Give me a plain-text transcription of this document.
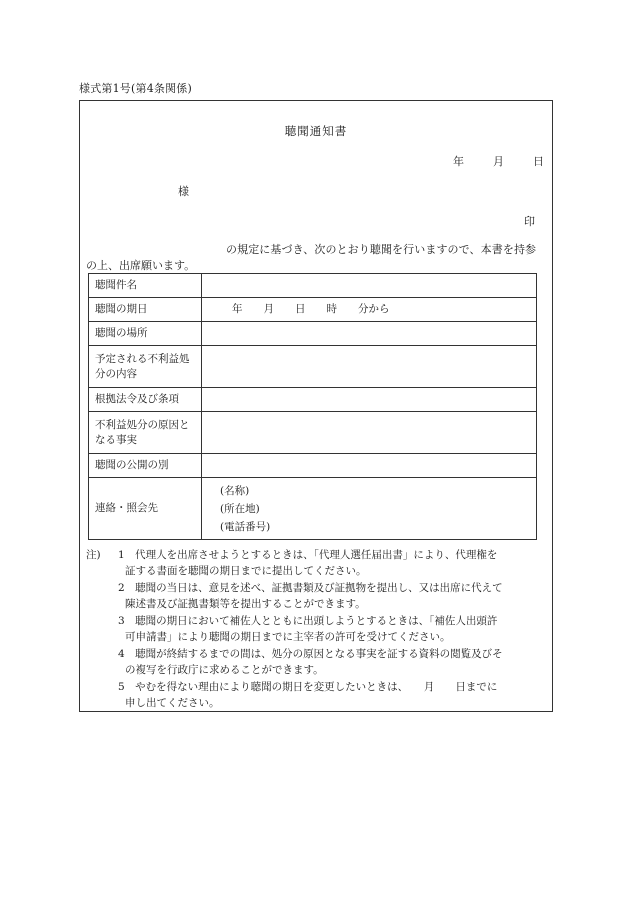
様式第1号(第4条関係)
聴聞通知書
年	月	日
様
印
の規定に基づき、次のとおり聴聞を行いますので、本書を持参
の上、出席願います。
聴聞件名	
聴聞の期日	年　　月　　日　　時　　分から
聴聞の場所	

予定される不利益処分の内容	

根拠法令及び条項	

不利益処分の原因となる事実	

聴聞の公開の別	
連絡・照会先	(名称)
(所在地)
(電話番号)
注) 1　代理人を出席させようとするときは、「代理人選任届出書」により、代理権を
証する書面を聴聞の期日までに提出してください。
2　聴聞の当日は、意見を述べ、証拠書類及び証拠物を提出し、又は出席に代えて
陳述書及び証拠書類等を提出することができます。
3　聴聞の期日において補佐人とともに出頭しようとするときは、「補佐人出頭許
可申請書」により聴聞の期日までに主宰者の許可を受けてください。
4　聴聞が終結するまでの間は、処分の原因となる事実を証する資料の閲覧及びそ
の複写を行政庁に求めることができます。
5　やむを得ない理由により聴聞の期日を変更したいときは、　　月　　日までに
申し出てください。
